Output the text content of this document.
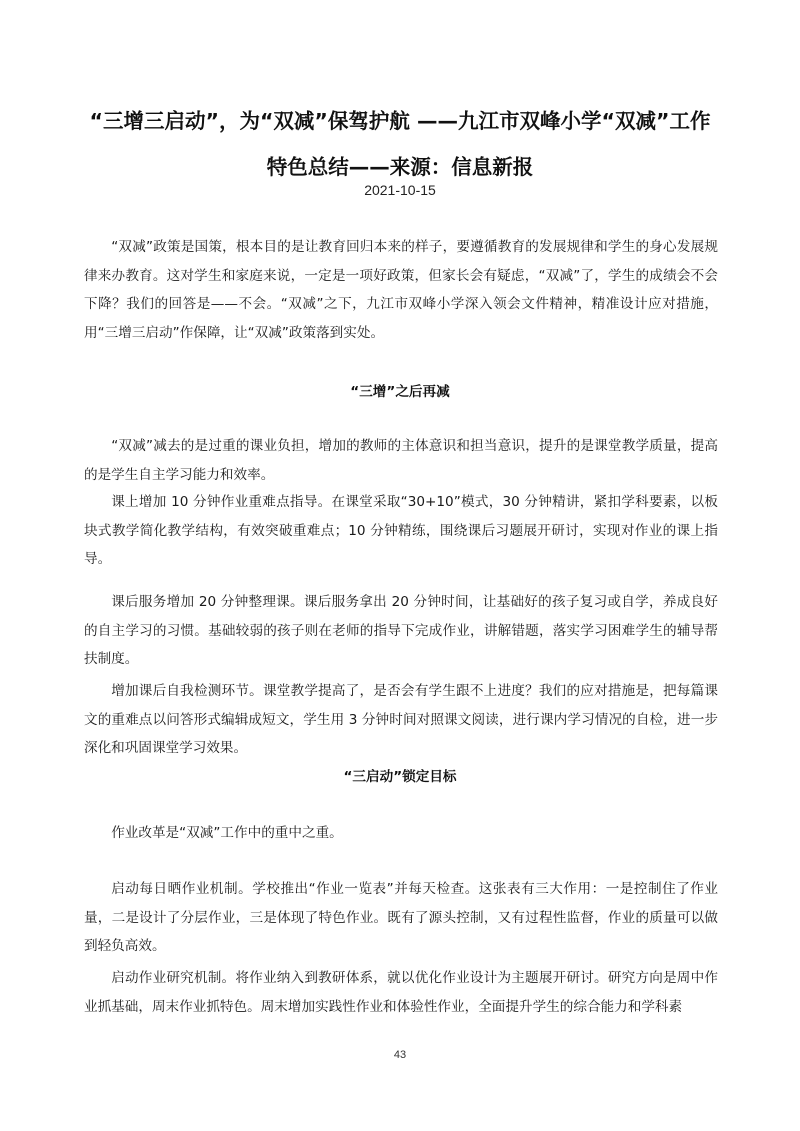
“三增三启动”，为“双减”保驾护航 ——九江市双峰小学“双减”工作特色总结——来源：信息新报
2021-10-15

“双减”政策是国策，根本目的是让教育回归本来的样子，要遵循教育的发展规律和学生的身心发展规律来办教育。这对学生和家庭来说，一定是一项好政策，但家长会有疑虑，“双减”了，学生的成绩会不会下降？我们的回答是——不会。“双减”之下，九江市双峰小学深入领会文件精神，精准设计应对措施，用“三增三启动”作保障，让“双减”政策落到实处。

“三增”之后再减

“双减”减去的是过重的课业负担，增加的教师的主体意识和担当意识，提升的是课堂教学质量，提高的是学生自主学习能力和效率。

课上增加 10 分钟作业重难点指导。在课堂采取“30+10”模式，30 分钟精讲，紧扣学科要素，以板块式教学简化教学结构，有效突破重难点；10 分钟精练，围绕课后习题展开研讨，实现对作业的课上指导。

课后服务增加 20 分钟整理课。课后服务拿出 20 分钟时间，让基础好的孩子复习或自学，养成良好的自主学习的习惯。基础较弱的孩子则在老师的指导下完成作业，讲解错题，落实学习困难学生的辅导帮扶制度。

增加课后自我检测环节。课堂教学提高了，是否会有学生跟不上进度？我们的应对措施是，把每篇课文的重难点以问答形式编辑成短文，学生用 3 分钟时间对照课文阅读，进行课内学习情况的自检，进一步深化和巩固课堂学习效果。

“三启动”锁定目标

作业改革是“双减”工作中的重中之重。

启动每日晒作业机制。学校推出“作业一览表”并每天检查。这张表有三大作用：一是控制住了作业量，二是设计了分层作业，三是体现了特色作业。既有了源头控制，又有过程性监督，作业的质量可以做到轻负高效。

启动作业研究机制。将作业纳入到教研体系，就以优化作业设计为主题展开研讨。研究方向是周中作业抓基础，周末作业抓特色。周末增加实践性作业和体验性作业，全面提升学生的综合能力和学科素

43
